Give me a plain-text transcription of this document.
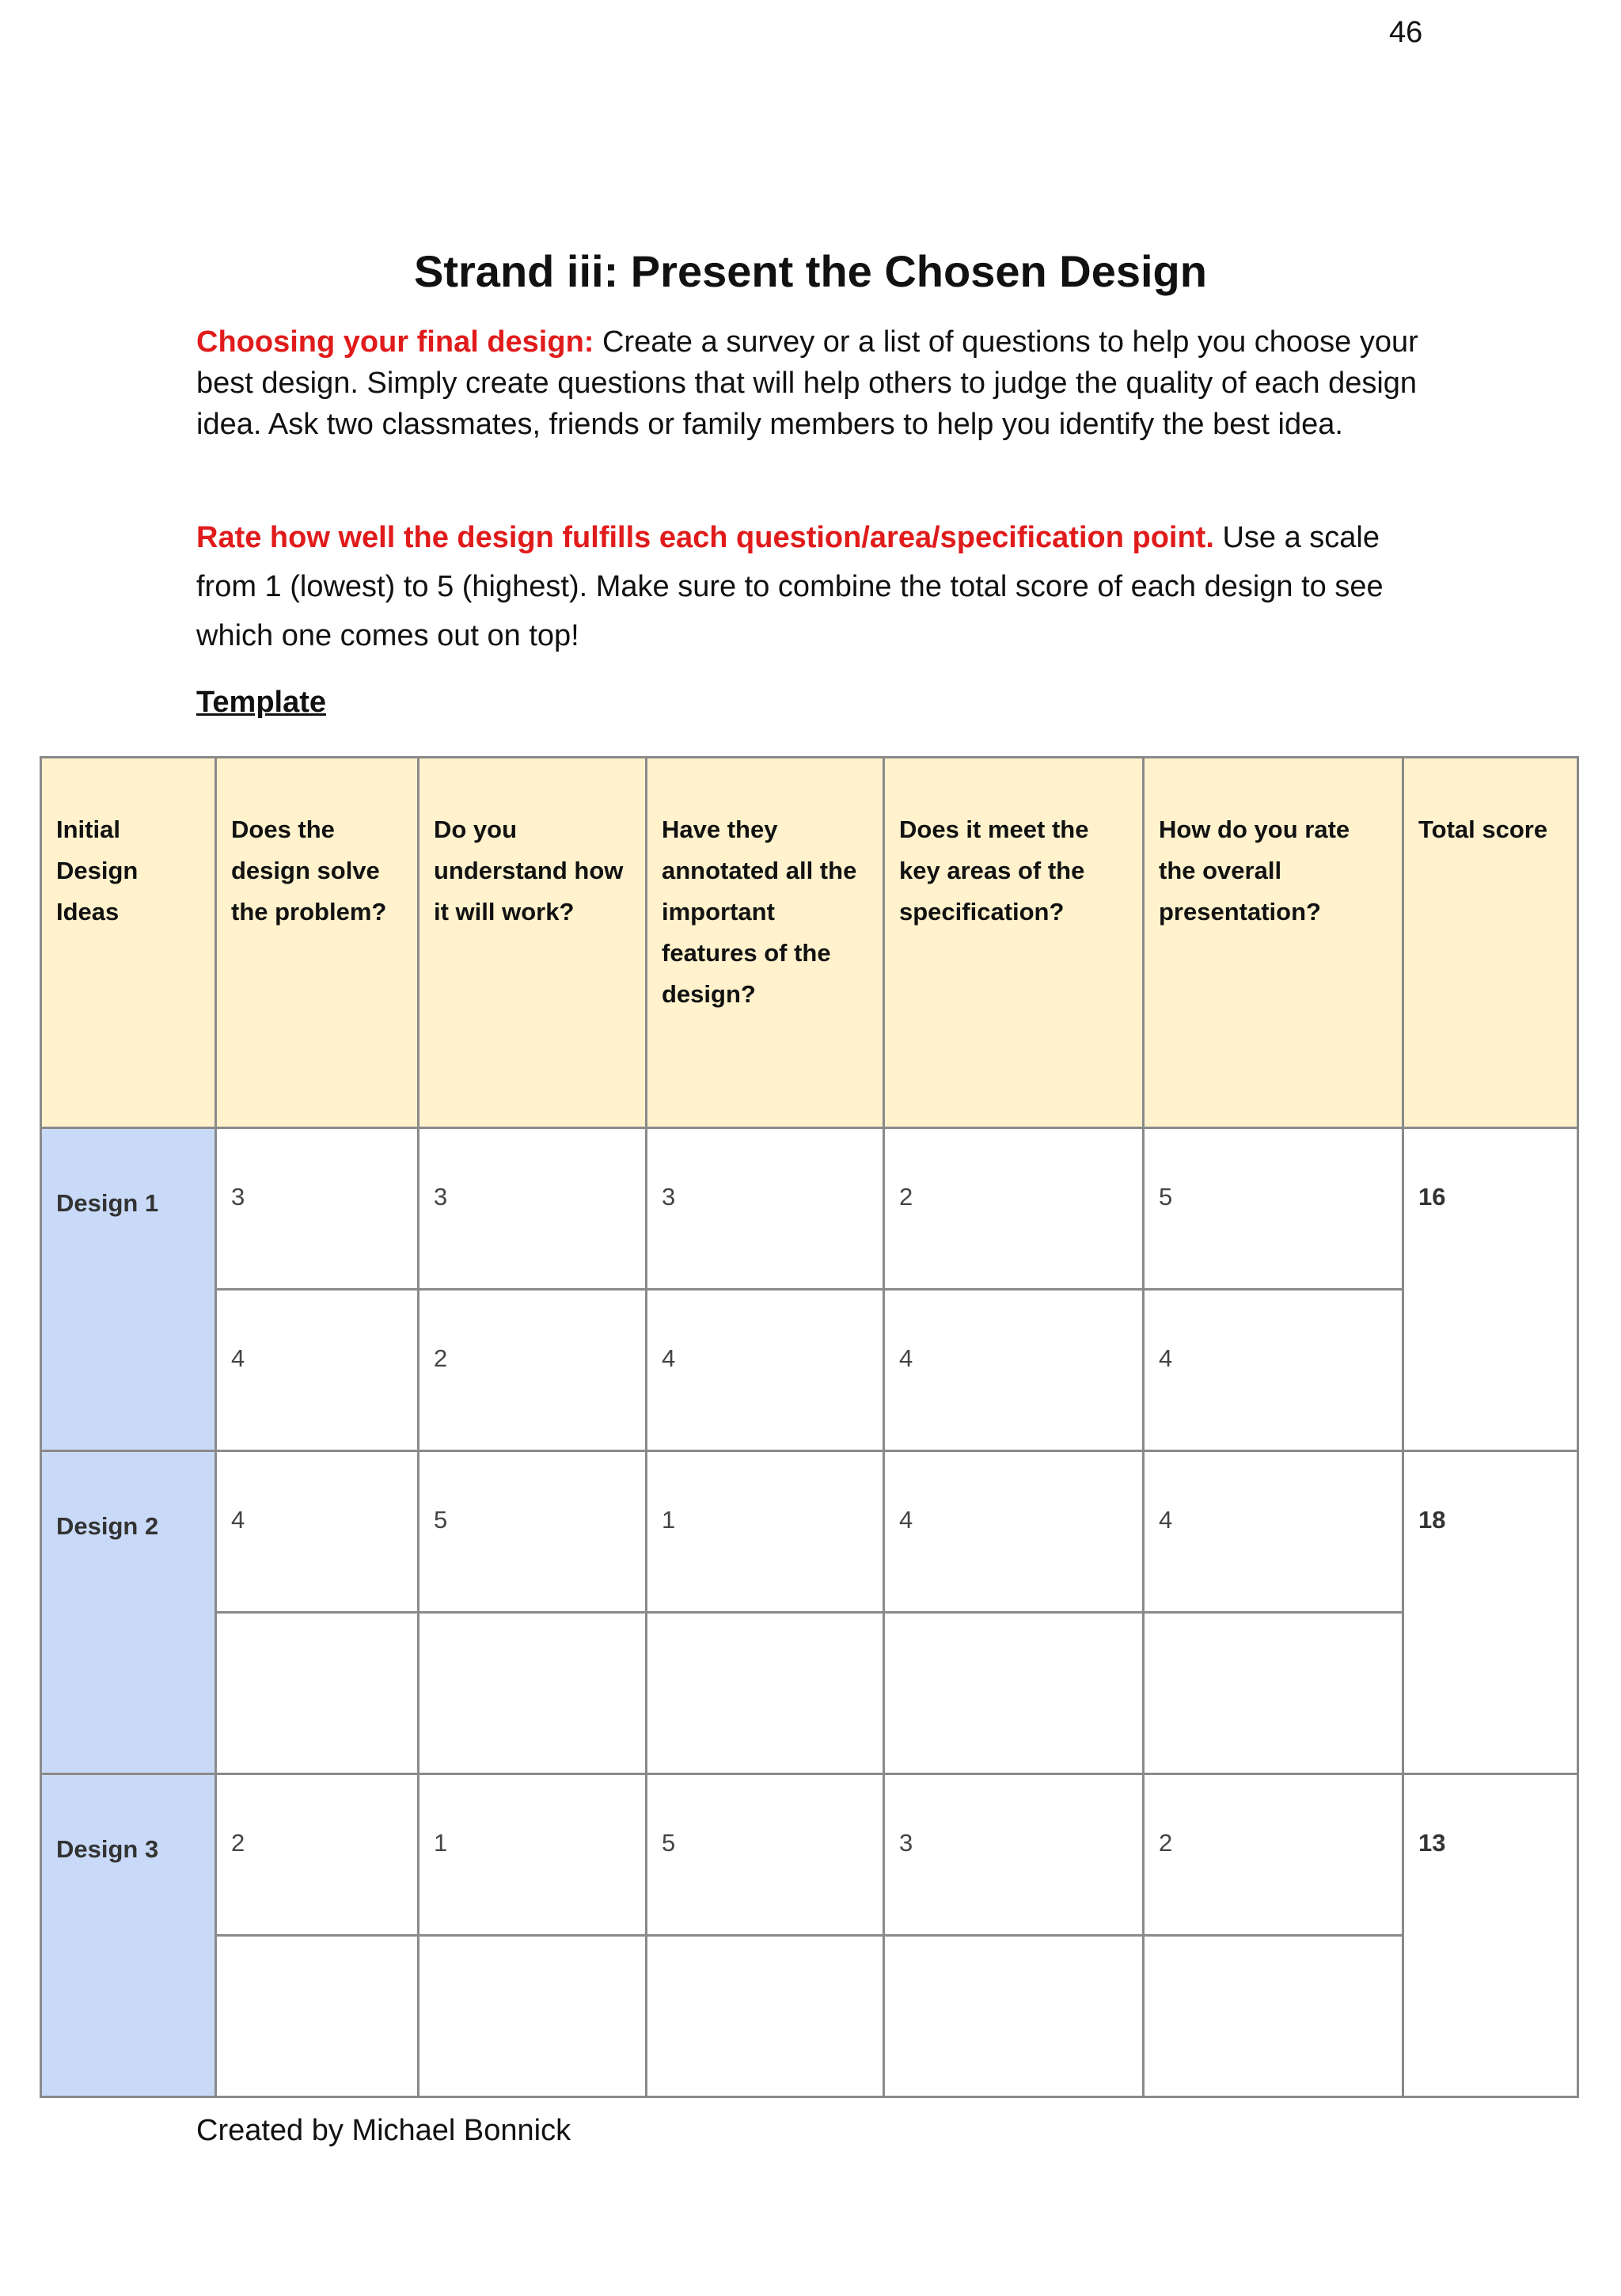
46
Strand iii: Present the Chosen Design

Choosing your final design: Create a survey or a list of questions to help you choose your best design. Simply create questions that will help others to judge the quality of each design idea. Ask two classmates, friends or family members to help you identify the best idea.

Rate how well the design fulfills each question/area/specification point. Use a scale from 1 (lowest) to 5 (highest). Make sure to combine the total score of each design to see which one comes out on top!

Template
Initial Design Ideas	Does the design solve the problem?	Do you understand how it will work?	Have they annotated all the important features of the design?	Does it meet the key areas of the specification?	How do you rate the overall presentation?	Total score
Design 1	3	3	3	2	5	16
	4	2	4	4	4	
Design 2	4	5	1	4	4	18

Design 3	2	1	5	3	2	13

Created by Michael Bonnick
